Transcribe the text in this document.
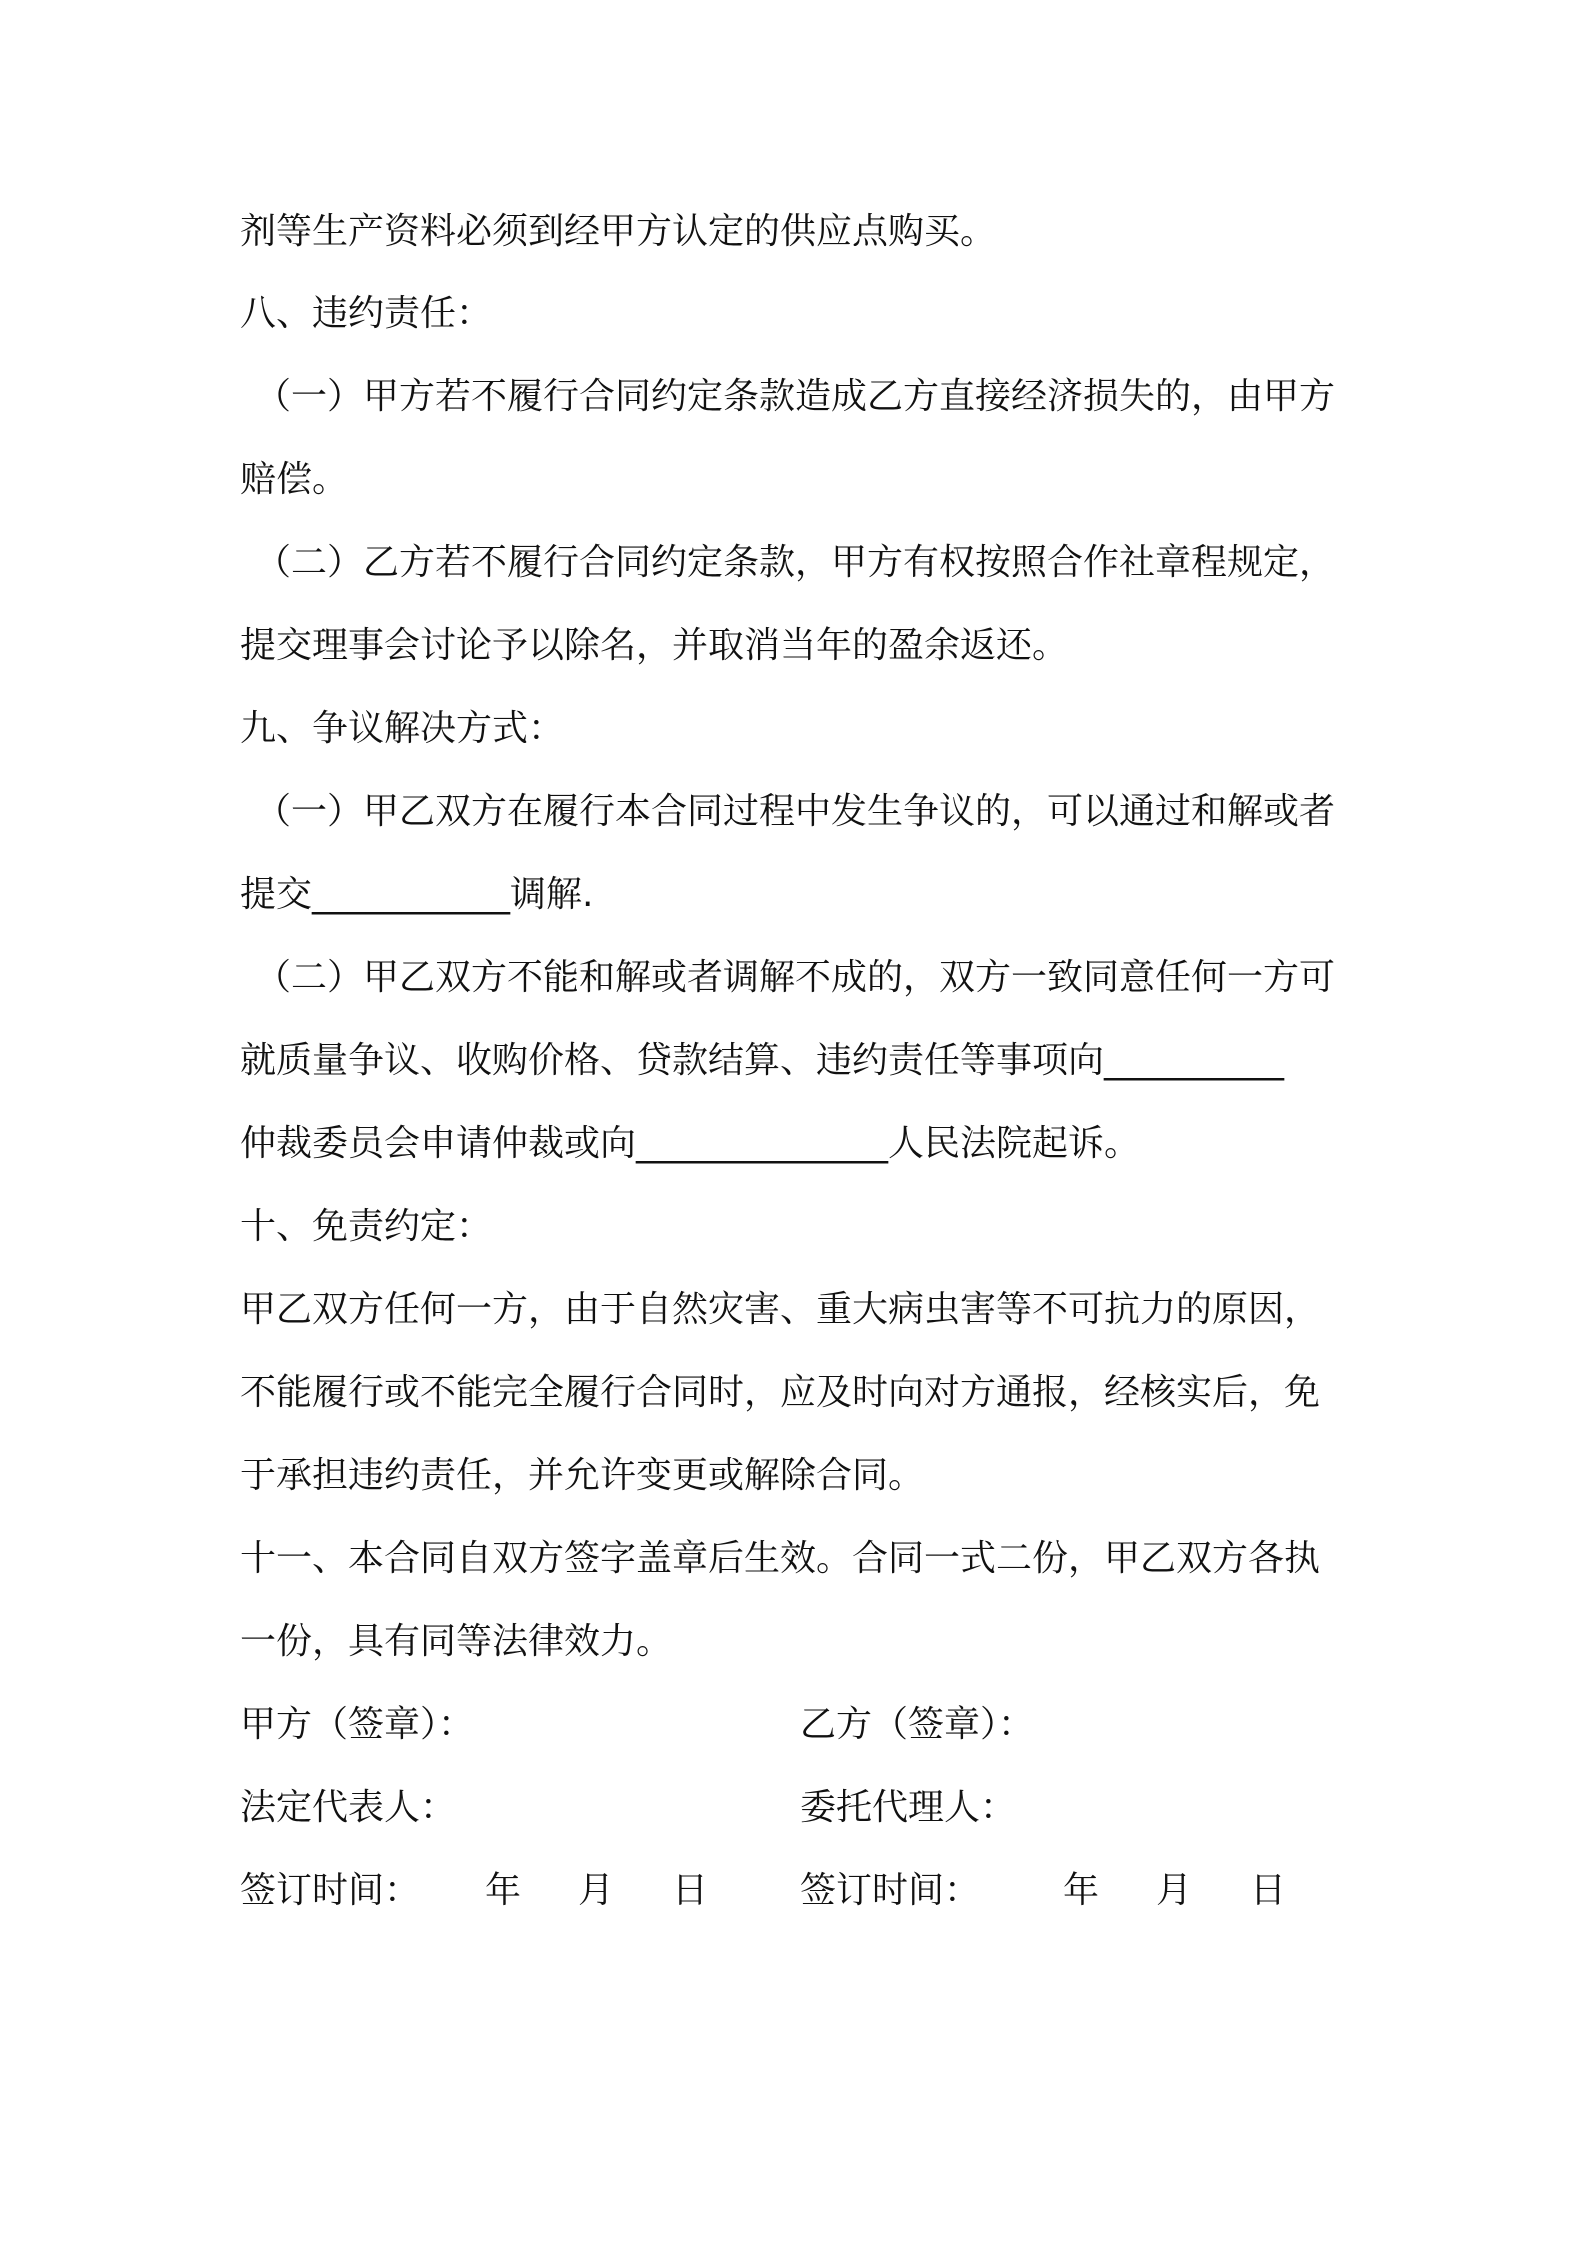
剂等生产资料必须到经甲方认定的供应点购买。
八、违约责任：
（一）甲方若不履行合同约定条款造成乙方直接经济损失的，由甲方
赔偿。
（二）乙方若不履行合同约定条款，甲方有权按照合作社章程规定，
提交理事会讨论予以除名，并取消当年的盈余返还。
九、争议解决方式：
（一）甲乙双方在履行本合同过程中发生争议的，可以通过和解或者
提交___________调解.
（二）甲乙双方不能和解或者调解不成的，双方一致同意任何一方可
就质量争议、收购价格、贷款结算、违约责任等事项向__________
仲裁委员会申请仲裁或向______________人民法院起诉。
十、免责约定：
甲乙双方任何一方，由于自然灾害、重大病虫害等不可抗力的原因，
不能履行或不能完全履行合同时，应及时向对方通报，经核实后，免
于承担违约责任，并允许变更或解除合同。
十一、本合同自双方签字盖章后生效。合同一式二份，甲乙双方各执
一份，具有同等法律效力。
甲方（签章）：	乙方（签章）：
法定代表人：	委托代理人：
签订时间： 年 月 日	签订时间： 年 月 日
